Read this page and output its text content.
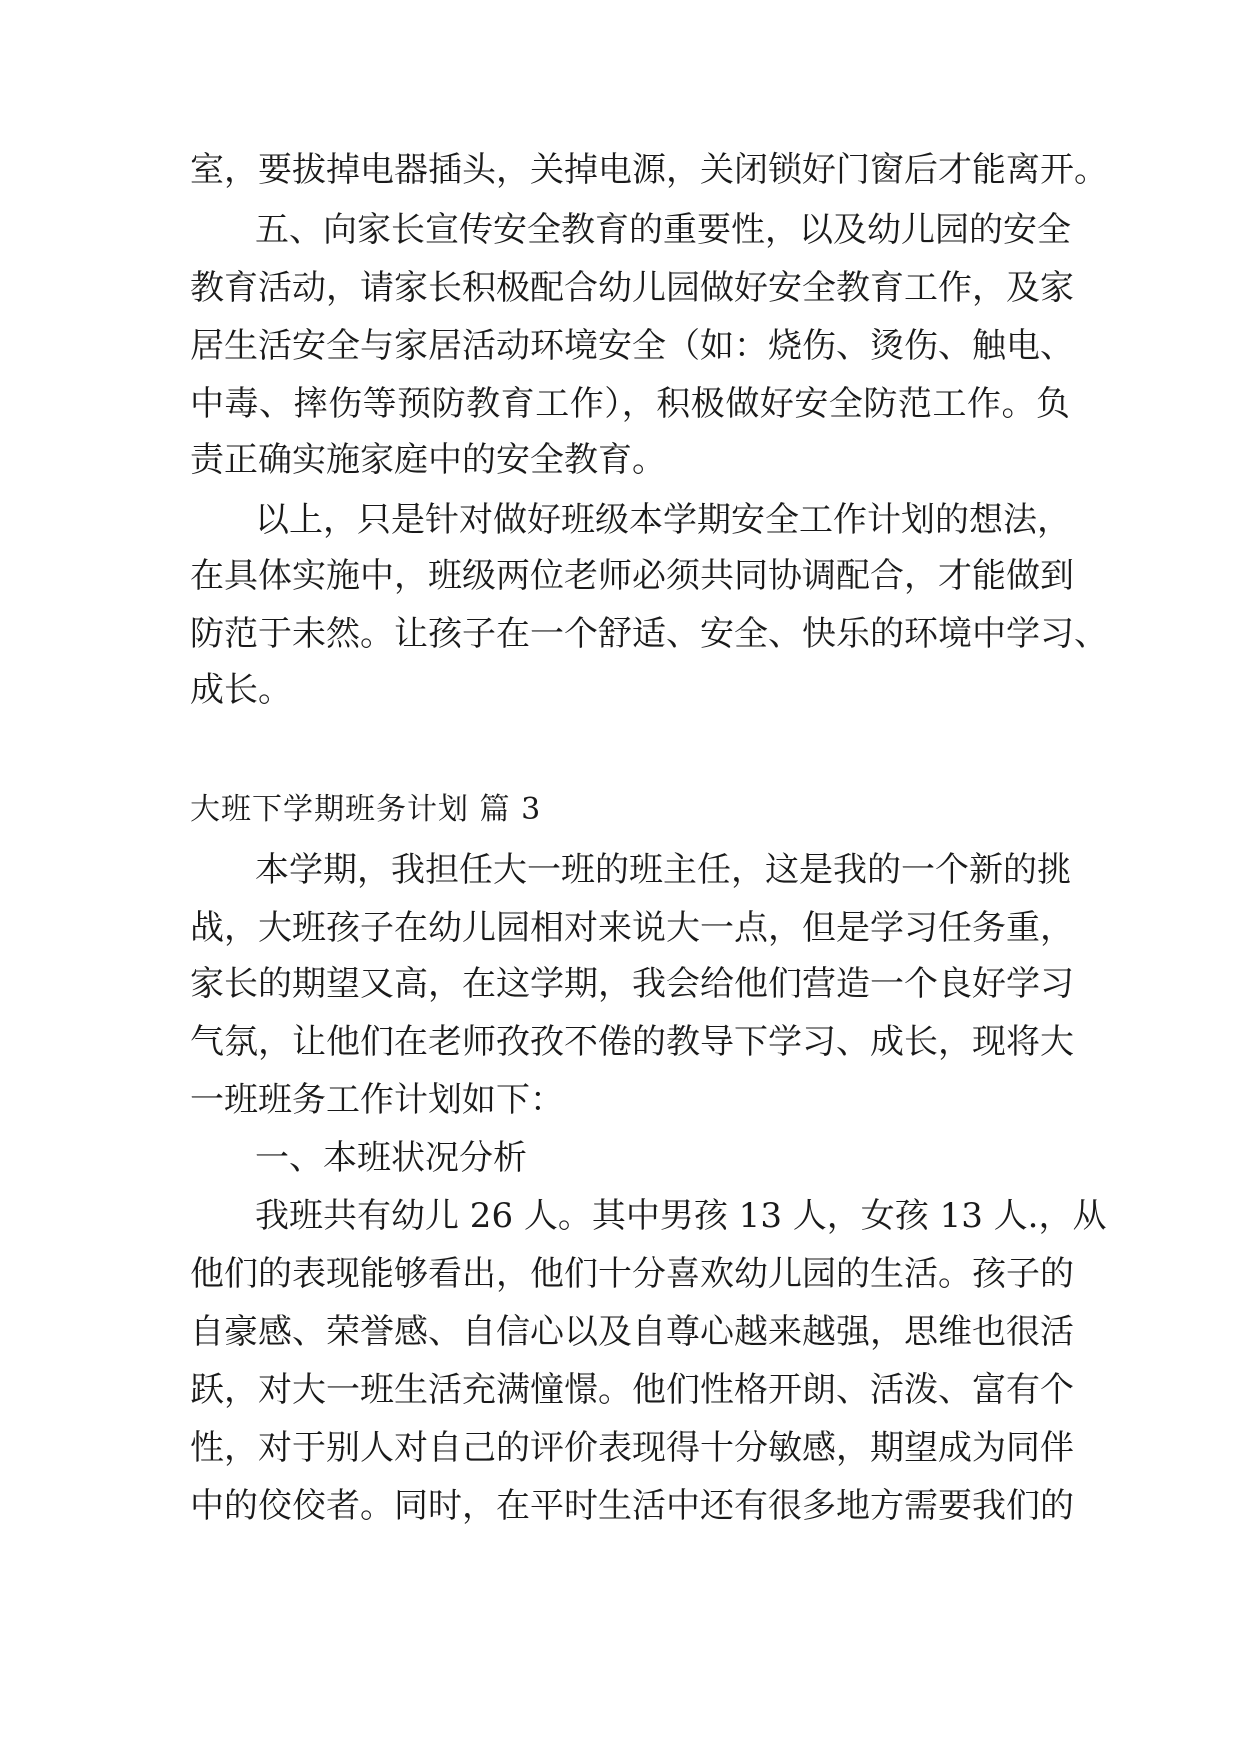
室，要拔掉电器插头，关掉电源，关闭锁好门窗后才能离开。
五、向家长宣传安全教育的重要性，以及幼儿园的安全
教育活动，请家长积极配合幼儿园做好安全教育工作，及家
居生活安全与家居活动环境安全（如：烧伤、烫伤、触电、
中毒、摔伤等预防教育工作），积极做好安全防范工作。负
责正确实施家庭中的安全教育。
以上，只是针对做好班级本学期安全工作计划的想法，
在具体实施中，班级两位老师必须共同协调配合，才能做到
防范于未然。让孩子在一个舒适、安全、快乐的环境中学习、
成长。
大班下学期班务计划 篇 3
本学期，我担任大一班的班主任，这是我的一个新的挑
战，大班孩子在幼儿园相对来说大一点，但是学习任务重，
家长的期望又高，在这学期，我会给他们营造一个良好学习
气氛，让他们在老师孜孜不倦的教导下学习、成长，现将大
一班班务工作计划如下：
一、本班状况分析
我班共有幼儿 26 人。其中男孩 13 人，女孩 13 人.，从
他们的表现能够看出，他们十分喜欢幼儿园的生活。孩子的
自豪感、荣誉感、自信心以及自尊心越来越强，思维也很活
跃，对大一班生活充满憧憬。他们性格开朗、活泼、富有个
性，对于别人对自己的评价表现得十分敏感，期望成为同伴
中的佼佼者。同时，在平时生活中还有很多地方需要我们的
